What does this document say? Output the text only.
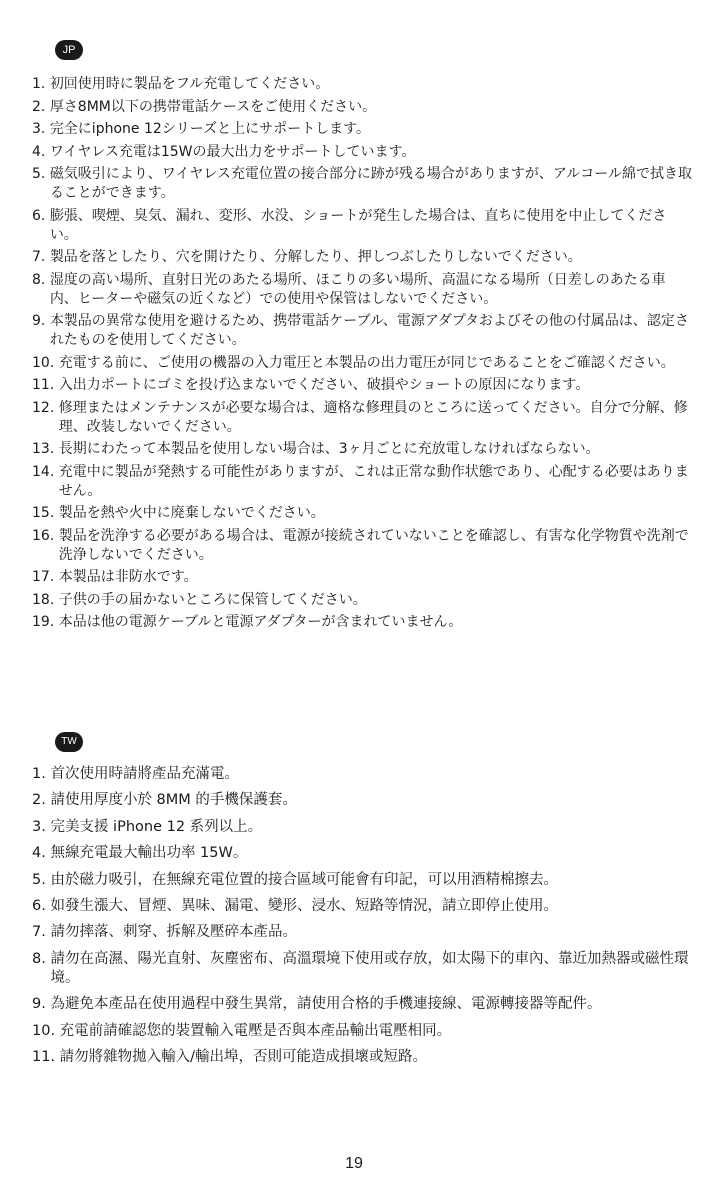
JP
1. 初回使用時に製品をフル充電してください。
2. 厚さ8MM以下の携帯電話ケースをご使用ください。
3. 完全にiphone 12シリーズと上にサポートします。
4. ワイヤレス充電は15Wの最大出力をサポートしています。
5. 磁気吸引により、ワイヤレス充電位置の接合部分に跡が残る場合がありますが、アルコール綿で拭き取ることができます。
6. 膨張、喫煙、臭気、漏れ、変形、水没、ショートが発生した場合は、直ちに使用を中止してください。
7. 製品を落としたり、穴を開けたり、分解したり、押しつぶしたりしないでください。
8. 湿度の高い場所、直射日光のあたる場所、ほこりの多い場所、高温になる場所（日差しのあたる車内、ヒーターや磁気の近くなど）での使用や保管はしないでください。
9. 本製品の異常な使用を避けるため、携帯電話ケーブル、電源アダプタおよびその他の付属品は、認定されたものを使用してください。
10. 充電する前に、ご使用の機器の入力電圧と本製品の出力電圧が同じであることをご確認ください。
11. 入出力ポートにゴミを投げ込まないでください、破損やショートの原因になります。
12. 修理またはメンテナンスが必要な場合は、適格な修理員のところに送ってください。自分で分解、修理、改装しないでください。
13. 長期にわたって本製品を使用しない場合は、3ヶ月ごとに充放電しなければならない。
14. 充電中に製品が発熱する可能性がありますが、これは正常な動作状態であり、心配する必要はありません。
15. 製品を熱や火中に廃棄しないでください。
16. 製品を洗浄する必要がある場合は、電源が接続されていないことを確認し、有害な化学物質や洗剤で洗浄しないでください。
17. 本製品は非防水です。
18. 子供の手の届かないところに保管してください。
19. 本品は他の電源ケーブルと電源アダプターが含まれていません。
TW
1. 首次使用時請將產品充滿電。
2. 請使用厚度小於 8MM 的手機保護套。
3. 完美支援 iPhone 12 系列以上。
4. 無線充電最大輸出功率 15W。
5. 由於磁力吸引，在無線充電位置的接合區域可能會有印記，可以用酒精棉擦去。
6. 如發生漲大、冒煙、異味、漏電、變形、浸水、短路等情況，請立即停止使用。
7. 請勿摔落、刺穿、拆解及壓碎本產品。
8. 請勿在高濕、陽光直射、灰塵密布、高溫環境下使用或存放，如太陽下的車內、靠近加熱器或磁性環境。
9. 為避免本產品在使用過程中發生異常，請使用合格的手機連接線、電源轉接器等配件。
10. 充電前請確認您的裝置輸入電壓是否與本產品輸出電壓相同。
11. 請勿將雜物拋入輸入/輸出埠，否則可能造成損壞或短路。
19
